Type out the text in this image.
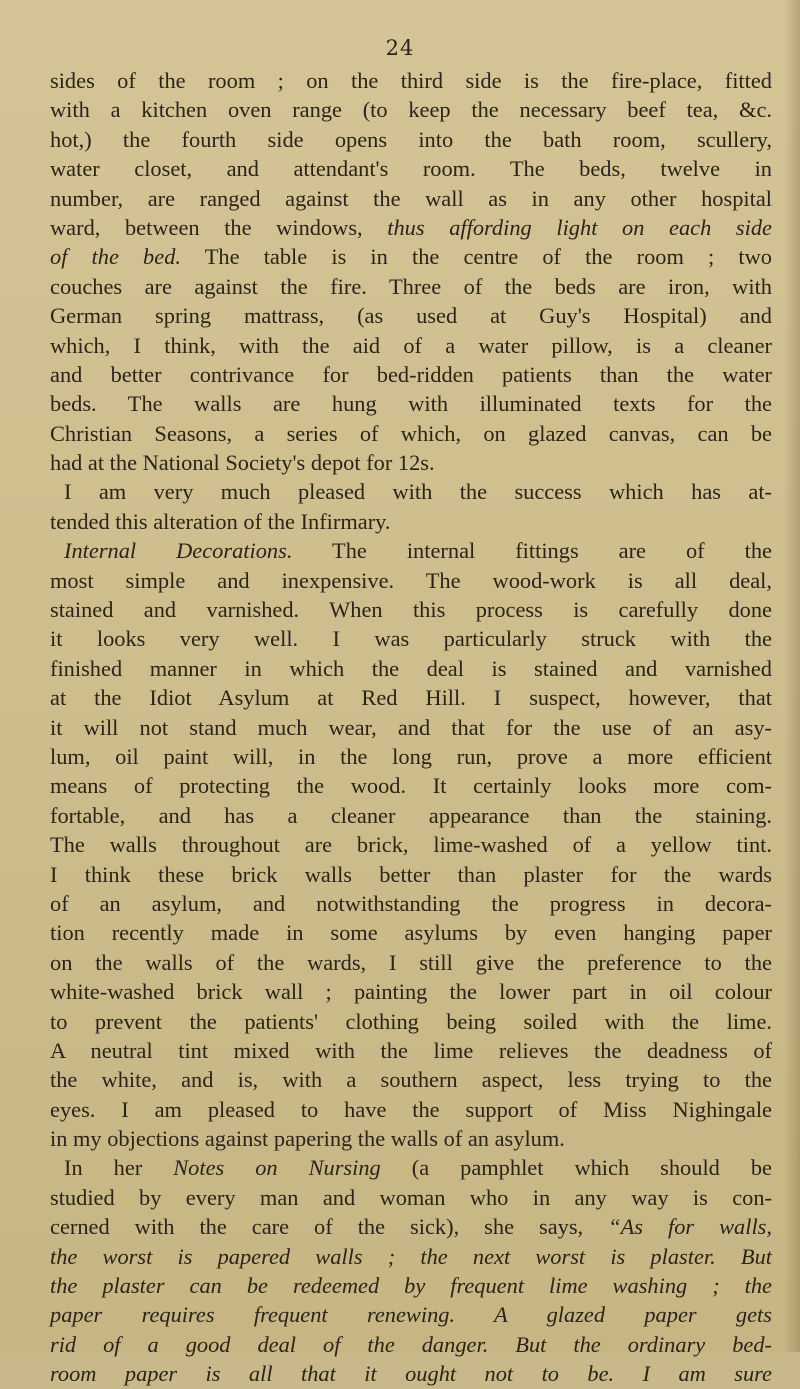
24
sides of the room ; on the third side is the fire-place, fitted
with a kitchen oven range (to keep the necessary beef tea, &c.
hot,) the fourth side opens into the bath room, scullery,
water closet, and attendant's room. The beds, twelve in
number, are ranged against the wall as in any other hospital
ward, between the windows, thus affording light on each side
of the bed. The table is in the centre of the room ; two
couches are against the fire. Three of the beds are iron, with
German spring mattrass, (as used at Guy's Hospital) and
which, I think, with the aid of a water pillow, is a cleaner
and better contrivance for bed-ridden patients than the water
beds. The walls are hung with illuminated texts for the
Christian Seasons, a series of which, on glazed canvas, can be
had at the National Society's depot for 12s.
I am very much pleased with the success which has at-
tended this alteration of the Infirmary.
Internal Decorations. The internal fittings are of the
most simple and inexpensive. The wood-work is all deal,
stained and varnished. When this process is carefully done
it looks very well. I was particularly struck with the
finished manner in which the deal is stained and varnished
at the Idiot Asylum at Red Hill. I suspect, however, that
it will not stand much wear, and that for the use of an asy-
lum, oil paint will, in the long run, prove a more efficient
means of protecting the wood. It certainly looks more com-
fortable, and has a cleaner appearance than the staining.
The walls throughout are brick, lime-washed of a yellow tint.
I think these brick walls better than plaster for the wards
of an asylum, and notwithstanding the progress in decora-
tion recently made in some asylums by even hanging paper
on the walls of the wards, I still give the preference to the
white-washed brick wall ; painting the lower part in oil colour
to prevent the patients' clothing being soiled with the lime.
A neutral tint mixed with the lime relieves the deadness of
the white, and is, with a southern aspect, less trying to the
eyes. I am pleased to have the support of Miss Nighingale
in my objections against papering the walls of an asylum.
In her Notes on Nursing (a pamphlet which should be
studied by every man and woman who in any way is con-
cerned with the care of the sick), she says, “As for walls,
the worst is papered walls ; the next worst is plaster. But
the plaster can be redeemed by frequent lime washing ; the
paper requires frequent renewing. A glazed paper gets
rid of a good deal of the danger. But the ordinary bed-
room paper is all that it ought not to be. I am sure
